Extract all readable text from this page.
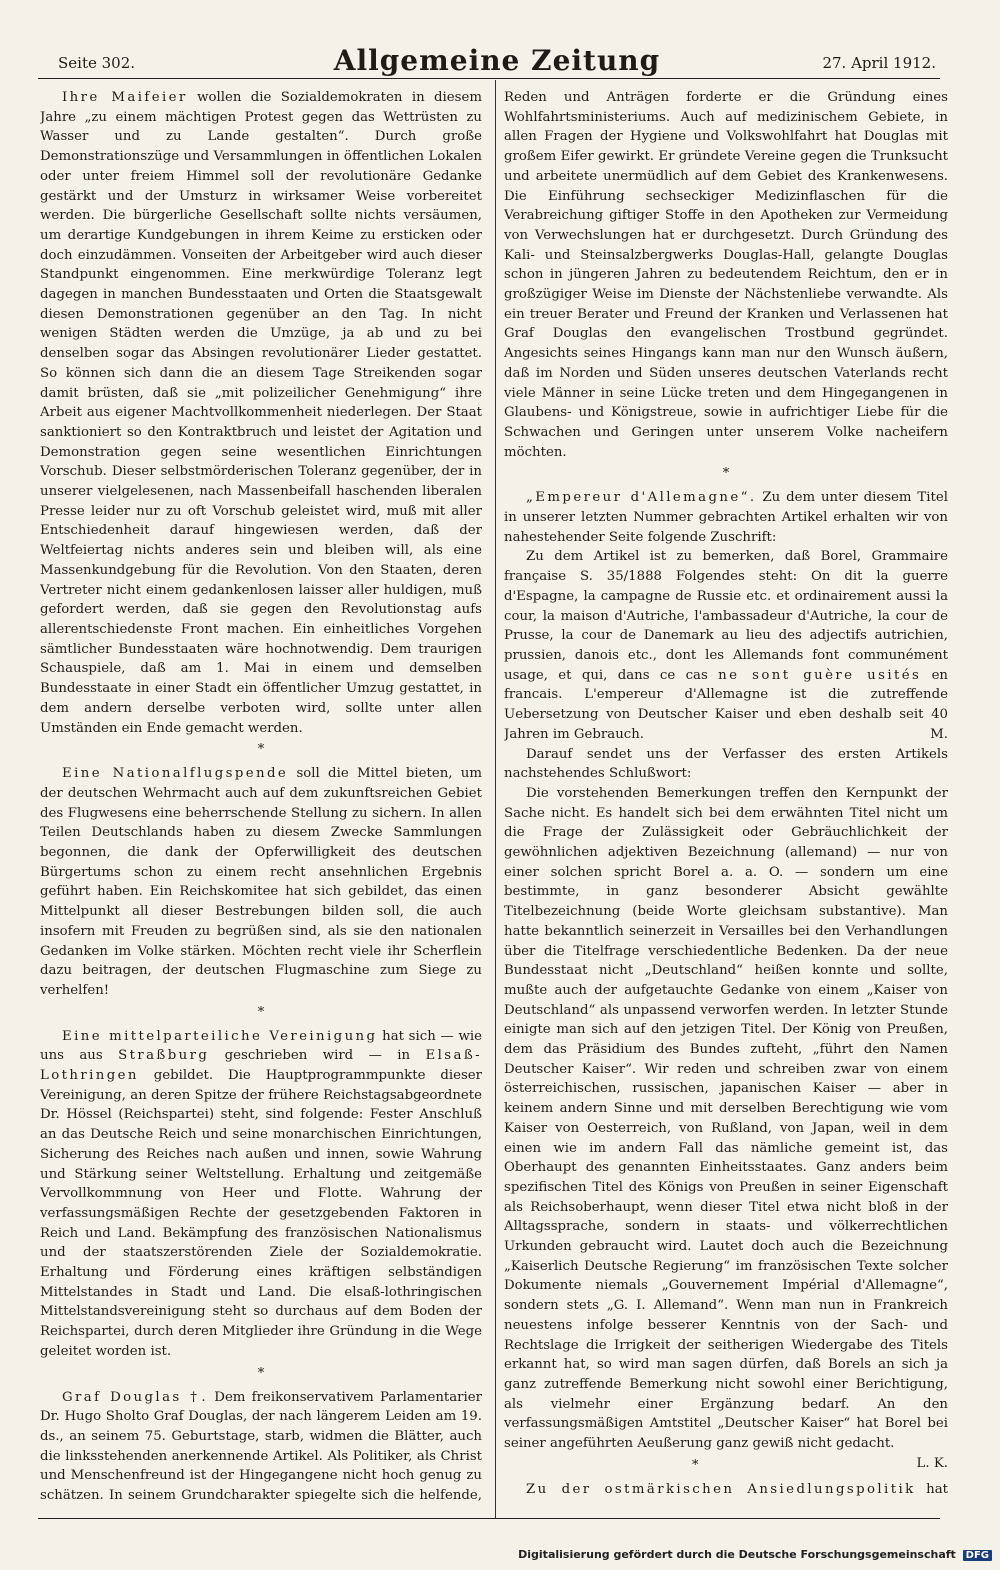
Seite 302.	Allgemeine Zeitung	27. April 1912.

Ihre Maifeier wollen die Sozialdemokraten in diesem Jahre „zu einem mächtigen Protest gegen das Wettrüsten zu Wasser und zu Lande gestalten“. Durch große Demonstrationszüge und Versammlungen in öffentlichen Lokalen oder unter freiem Himmel soll der revolutionäre Gedanke gestärkt und der Umsturz in wirksamer Weise vorbereitet werden. Die bürgerliche Gesellschaft sollte nichts versäumen, um derartige Kundgebungen in ihrem Keime zu ersticken oder doch einzudämmen. Vonseiten der Arbeitgeber wird auch dieser Standpunkt eingenommen. Eine merkwürdige Toleranz legt dagegen in manchen Bundesstaaten und Orten die Staatsgewalt diesen Demonstrationen gegenüber an den Tag. In nicht wenigen Städten werden die Umzüge, ja ab und zu bei denselben sogar das Absingen revolutionärer Lieder gestattet. So können sich dann die an diesem Tage Streikenden sogar damit brüsten, daß sie „mit polizeilicher Genehmigung“ ihre Arbeit aus eigener Machtvollkommenheit niederlegen. Der Staat sanktioniert so den Kontraktbruch und leistet der Agitation und Demonstration gegen seine wesentlichen Einrichtungen Vorschub. Dieser selbstmörderischen Toleranz gegenüber, der in unserer vielgelesenen, nach Massenbeifall haschenden liberalen Presse leider nur zu oft Vorschub geleistet wird, muß mit aller Entschiedenheit darauf hingewiesen werden, daß der Weltfeiertag nichts anderes sein und bleiben will, als eine Massenkundgebung für die Revolution. Von den Staaten, deren Vertreter nicht einem gedankenlosen laisser aller huldigen, muß gefordert werden, daß sie gegen den Revolutionstag aufs allerentschiedenste Front machen. Ein einheitliches Vorgehen sämtlicher Bundesstaaten wäre hochnotwendig. Dem traurigen Schauspiele, daß am 1. Mai in einem und demselben Bundesstaate in einer Stadt ein öffentlicher Umzug gestattet, in dem andern derselbe verboten wird, sollte unter allen Umständen ein Ende gemacht werden.

*

Eine Nationalflugspende soll die Mittel bieten, um der deutschen Wehrmacht auch auf dem zukunftsreichen Gebiet des Flugwesens eine beherrschende Stellung zu sichern. In allen Teilen Deutschlands haben zu diesem Zwecke Sammlungen begonnen, die dank der Opferwilligkeit des deutschen Bürgertums schon zu einem recht ansehnlichen Ergebnis geführt haben. Ein Reichskomitee hat sich gebildet, das einen Mittelpunkt all dieser Bestrebungen bilden soll, die auch insofern mit Freuden zu begrüßen sind, als sie den nationalen Gedanken im Volke stärken. Möchten recht viele ihr Scherflein dazu beitragen, der deutschen Flugmaschine zum Siege zu verhelfen!

*

Eine mittelparteiliche Vereinigung hat sich — wie uns aus Straßburg geschrieben wird — in Elsaß-Lothringen gebildet. Die Hauptprogrammpunkte dieser Vereinigung, an deren Spitze der frühere Reichstagsabgeordnete Dr. Hössel (Reichspartei) steht, sind folgende: Fester Anschluß an das Deutsche Reich und seine monarchischen Einrichtungen, Sicherung des Reiches nach außen und innen, sowie Wahrung und Stärkung seiner Weltstellung. Erhaltung und zeitgemäße Vervollkommnung von Heer und Flotte. Wahrung der verfassungsmäßigen Rechte der gesetzgebenden Faktoren in Reich und Land. Bekämpfung des französischen Nationalismus und der staatszerstörenden Ziele der Sozialdemokratie. Erhaltung und Förderung eines kräftigen selbständigen Mittelstandes in Stadt und Land. Die elsaß-lothringischen Mittelstandsvereinigung steht so durchaus auf dem Boden der Reichspartei, durch deren Mitglieder ihre Gründung in die Wege geleitet worden ist.

*

Graf Douglas †. Dem freikonservativem Parlamentarier Dr. Hugo Sholto Graf Douglas, der nach längerem Leiden am 19. ds., an seinem 75. Geburtstage, starb, widmen die Blätter, auch die linksstehenden anerkennende Artikel. Als Politiker, als Christ und Menschenfreund ist der Hingegangene nicht hoch genug zu schätzen. In seinem Grundcharakter spiegelte sich die helfende,

Reden und Anträgen forderte er die Gründung eines Wohlfahrtsministeriums. Auch auf medizinischem Gebiete, in allen Fragen der Hygiene und Volkswohlfahrt hat Douglas mit großem Eifer gewirkt. Er gründete Vereine gegen die Trunksucht und arbeitete unermüdlich auf dem Gebiet des Krankenwesens. Die Einführung sechseckiger Medizinflaschen für die Verabreichung giftiger Stoffe in den Apotheken zur Vermeidung von Verwechslungen hat er durchgesetzt. Durch Gründung des Kali- und Steinsalzbergwerks Douglas-Hall, gelangte Douglas schon in jüngeren Jahren zu bedeutendem Reichtum, den er in großzügiger Weise im Dienste der Nächstenliebe verwandte. Als ein treuer Berater und Freund der Kranken und Verlassenen hat Graf Douglas den evangelischen Trostbund gegründet. Angesichts seines Hingangs kann man nur den Wunsch äußern, daß im Norden und Süden unseres deutschen Vaterlands recht viele Männer in seine Lücke treten und dem Hingegangenen in Glaubens- und Königstreue, sowie in aufrichtiger Liebe für die Schwachen und Geringen unter unserem Volke nacheifern möchten.

*

„Empereur d'Allemagne“. Zu dem unter diesem Titel in unserer letzten Nummer gebrachten Artikel erhalten wir von nahestehender Seite folgende Zuschrift:

Zu dem Artikel ist zu bemerken, daß Borel, Grammaire française S. 35/1888 Folgendes steht: On dit la guerre d'Espagne, la campagne de Russie etc. et ordinairement aussi la cour, la maison d'Autriche, l'ambassadeur d'Autriche, la cour de Prusse, la cour de Danemark au lieu des adjectifs autrichien, prussien, danois etc., dont les Allemands font communément usage, et qui, dans ce cas ne sont guère usités en francais. L'empereur d'Allemagne ist die zutreffende Uebersetzung von Deutscher Kaiser und eben deshalb seit 40 Jahren im Gebrauch.	M.

Darauf sendet uns der Verfasser des ersten Artikels nachstehendes Schlußwort:

Die vorstehenden Bemerkungen treffen den Kernpunkt der Sache nicht. Es handelt sich bei dem erwähnten Titel nicht um die Frage der Zulässigkeit oder Gebräuchlichkeit der gewöhnlichen adjektiven Bezeichnung (allemand) — nur von einer solchen spricht Borel a. a. O. — sondern um eine bestimmte, in ganz besonderer Absicht gewählte Titelbezeichnung (beide Worte gleichsam substantive). Man hatte bekanntlich seinerzeit in Versailles bei den Verhandlungen über die Titelfrage verschiedentliche Bedenken. Da der neue Bundesstaat nicht „Deutschland“ heißen konnte und sollte, mußte auch der aufgetauchte Gedanke von einem „Kaiser von Deutschland“ als unpassend verworfen werden. In letzter Stunde einigte man sich auf den jetzigen Titel. Der König von Preußen, dem das Präsidium des Bundes zufteht, „führt den Namen Deutscher Kaiser“. Wir reden und schreiben zwar von einem österreichischen, russischen, japanischen Kaiser — aber in keinem andern Sinne und mit derselben Berechtigung wie vom Kaiser von Oesterreich, von Rußland, von Japan, weil in dem einen wie im andern Fall das nämliche gemeint ist, das Oberhaupt des genannten Einheitsstaates. Ganz anders beim spezifischen Titel des Königs von Preußen in seiner Eigenschaft als Reichsoberhaupt, wenn dieser Titel etwa nicht bloß in der Alltagssprache, sondern in staats- und völkerrechtlichen Urkunden gebraucht wird. Lautet doch auch die Bezeichnung „Kaiserlich Deutsche Regierung“ im französischen Texte solcher Dokumente niemals „Gouvernement Impérial d'Allemagne“, sondern stets „G. I. Allemand“. Wenn man nun in Frankreich neuestens infolge besserer Kenntnis von der Sach- und Rechtslage die Irrigkeit der seitherigen Wiedergabe des Titels erkannt hat, so wird man sagen dürfen, daß Borels an sich ja ganz zutreffende Bemerkung nicht sowohl einer Berichtigung, als vielmehr einer Ergänzung bedarf. An den verfassungsmäßigen Amtstitel „Deutscher Kaiser“ hat Borel bei seiner angeführten Aeußerung ganz gewiß nicht gedacht.
L. K.

*

Zu der ostmärkischen Ansiedlungspolitik hat

Digitalisierung gefördert durch die Deutsche Forschungsgemeinschaft DFG
